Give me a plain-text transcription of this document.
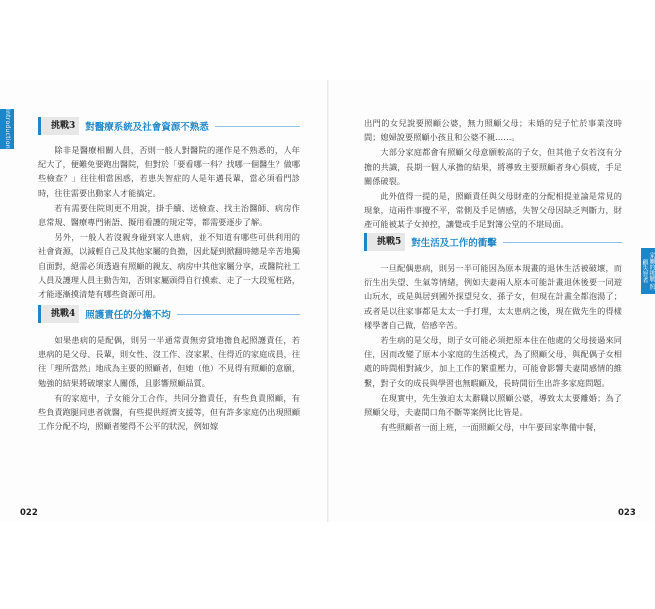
Introduction	挑戰3	對醫療系統及社會資源不熟悉

除非是醫療相關人員，否則一般人對醫院的運作是不熟悉的，人年紀大了，便難免要跑出醫院，但對於「要看哪一科？找哪一個醫生？做哪些檢查？」往往相當困惑，若患失智症的人是年邁長輩，當必須看門診時，往往需要出動家人才能搞定。

若有需要住院則更不用說，掛手續、送檢查、找主治醫師、病房作息常規、醫療專門術語、擬用看護的規定等，都需要逐步了解。

另外，一般人若沒親身碰到家人患病，並不知道有哪些可供利用的社會資源，以減輕自己及其他家屬的負擔，因此疑到掀翻時總是辛苦地獨自面對，絕需必須透過有照顧的親友、病房中其他家屬分享，或醫院社工人員及護理人員主動告知，否則家屬頭得自行摸索、走了一大段冤枉路，才能逐漸摸清楚有哪些資源可用。

挑戰4	照護責任的分擔不均

如果患病的是配偶，則另一半通常責無旁貸地擔負起照護責任，若患病的是父母、長輩，則女性、沒工作、沒家累、住得近的家庭成員，往往「理所當然」地成為主要的照顧者，但她（他）不見得有照顧的意願，勉強的結果將破壞家人關係，且影響照顧品質。

有的家庭中，子女能分工合作，共同分擔責任，有些負責照顧，有些負責跑腿同患者就醫，有些提供經濟支援等，但有許多家庭仍出現照顧工作分配不均，照顧者變得不公平的狀況，例如嫁

022

出門的女兒說要照顧公婆，無力照顧父母；未婚的兒子忙於事業沒時間；媳婦說要照顧小孩且和公婆不親……。

大部分家庭都會有照顧父母意願較高的子女，但其他子女若沒有分擔的共識，長期一個人承擔的結果，將導致主要照顧者身心俱疲，手足關係破裂。

此外值得一提的是，照顧責任與父母財產的分配相提並論是常見的現象，這兩件事攪不平，常側及手足情感，失智父母因缺乏判斷力，財產可能被某子女掉控，讓覺或手足對簿公堂的不堪局面。

挑戰5	對生活及工作的衝擊

一旦配偶患病，則另一半可能因為原本規畫的退休生活被破壞，而衍生出失望、生氣等情緒，例如夫妻兩人原本可能計畫退休後要一同遊山玩水，或是與居到國外探望兒女、孫子女，但現在計畫全都泡湯了；或者是以往家事都是太太一手打理，太太患病之後，現在做先生的得樣樣學著自己做，倍感辛苦。

若生病的是父母，則子女可能必須把原本住在他處的父母接過來同住，因而改變了原本小家庭的生活模式，為了照顧父母，與配偶子女相處的時間相對減少，加上工作的繁重壓力，可能會影響夫妻間感情的維繫，對子女的成長與學習也無暇顧及，長時間衍生出許多家庭問題。

在現實中，先生強迫太太辭職以照顧公婆，導致太太要離婚；為了照顧父母，夫妻間口角不斷等案例比比皆是。

有些照顧者一面上班，一面照顧父母，中午要回家準備中餐，

家屬的挑戰 照顧失智者
023
